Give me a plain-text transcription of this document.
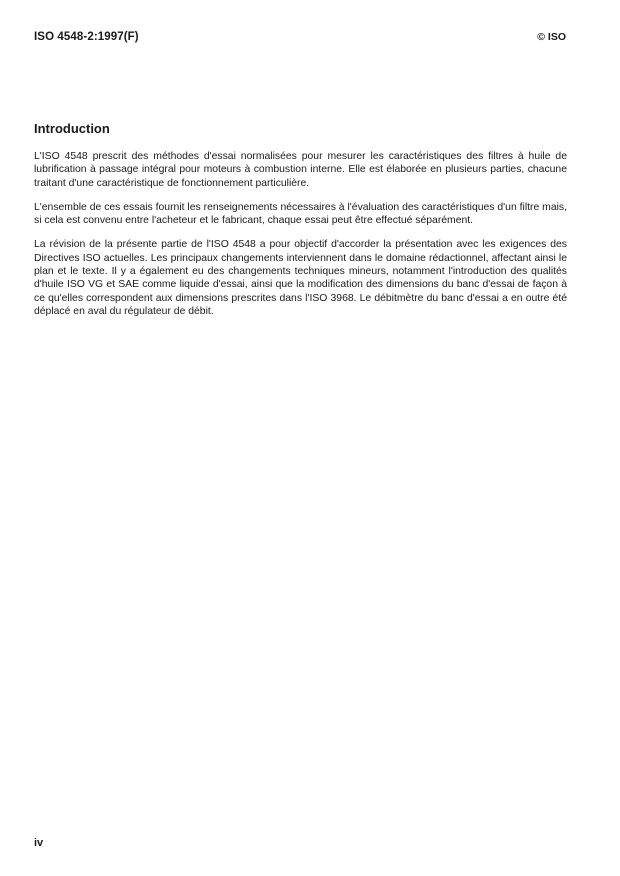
ISO 4548-2:1997(F)	© ISO
Introduction

L'ISO 4548 prescrit des méthodes d'essai normalisées pour mesurer les caractéristiques des filtres à huile de lubrification à passage intégral pour moteurs à combustion interne. Elle est élaborée en plusieurs parties, chacune traitant d'une caractéristique de fonctionnement particulière.

L'ensemble de ces essais fournit les renseignements nécessaires à l'évaluation des caractéristiques d'un filtre mais, si cela est convenu entre l'acheteur et le fabricant, chaque essai peut être effectué séparément.

La révision de la présente partie de l'ISO 4548 a pour objectif d'accorder la présentation avec les exigences des Directives ISO actuelles. Les principaux changements interviennent dans le domaine rédactionnel, affectant ainsi le plan et le texte. Il y a également eu des changements techniques mineurs, notamment l'introduction des qualités d'huile ISO VG et SAE comme liquide d'essai, ainsi que la modification des dimensions du banc d'essai de façon à ce qu'elles correspondent aux dimensions prescrites dans l'ISO 3968. Le débitmètre du banc d'essai a en outre été déplacé en aval du régulateur de débit.

iv
